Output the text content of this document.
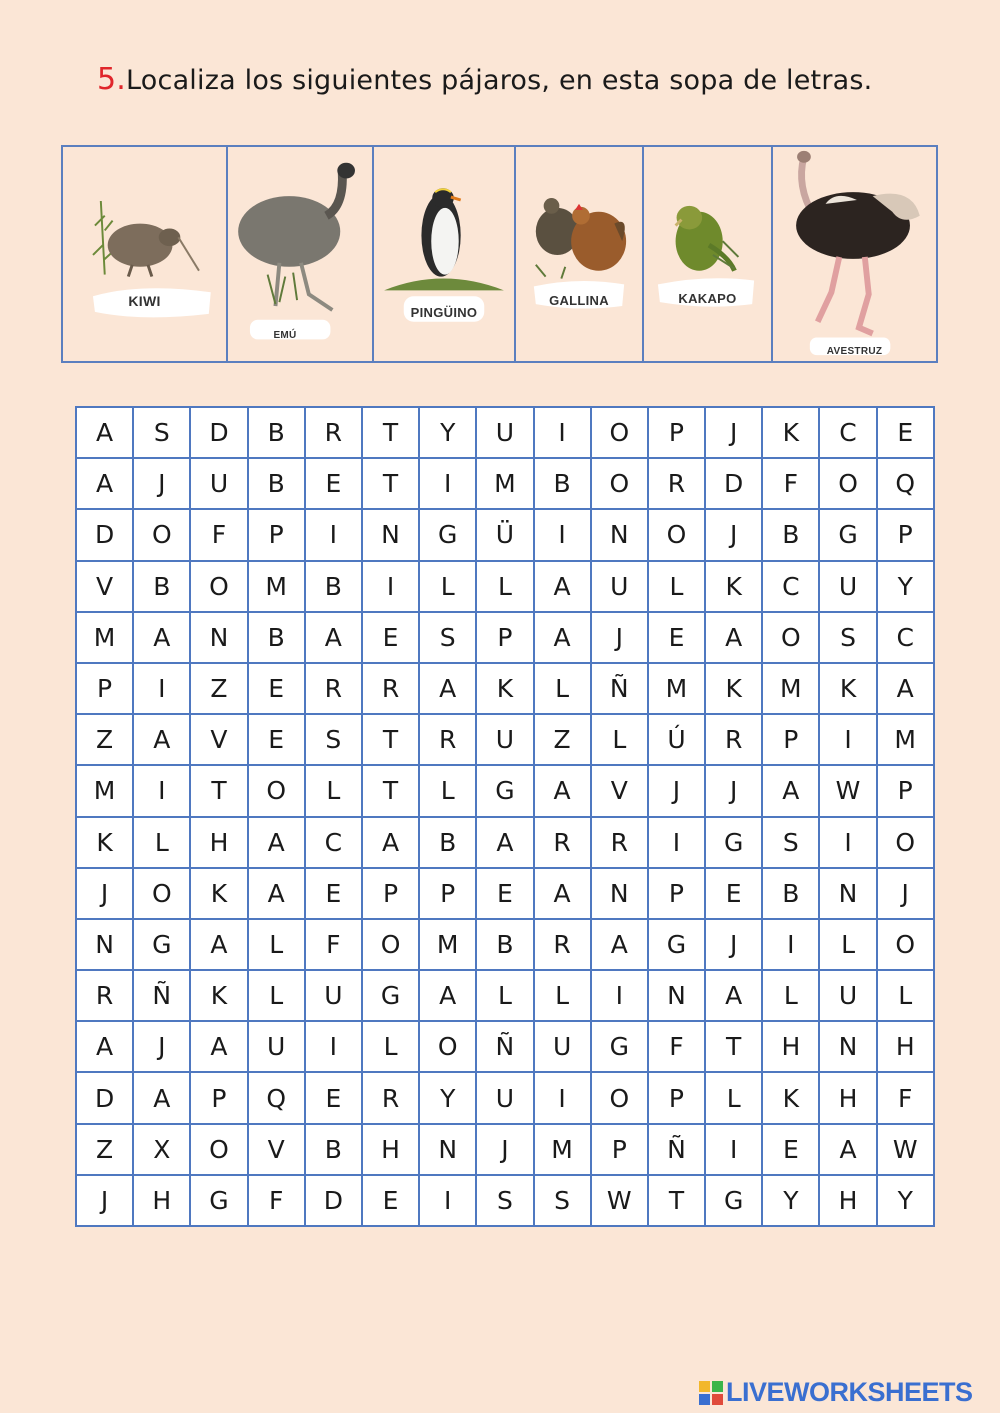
5.Localiza los siguientes pájaros, en esta sopa de letras.
KIWI
EMÚ
PINGÜINO
GALLINA	KAKAPO
AVESTRUZ
A	S	D	B	R	T	Y	U	I	O	P	J	K	C	E
A	J	U	B	E	T	I	M	B	O	R	D	F	O	Q
D	O	F	P	I	N	G	Ü	I	N	O	J	B	G	P
V	B	O	M	B	I	L	L	A	U	L	K	C	U	Y
M	A	N	B	A	E	S	P	A	J	E	A	O	S	C
P	I	Z	E	R	R	A	K	L	Ñ	M	K	M	K	A
Z	A	V	E	S	T	R	U	Z	L	Ú	R	P	I	M
M	I	T	O	L	T	L	G	A	V	J	J	A	W	P
K	L	H	A	C	A	B	A	R	R	I	G	S	I	O
J	O	K	A	E	P	P	E	A	N	P	E	B	N	J
N	G	A	L	F	O	M	B	R	A	G	J	I	L	O
R	Ñ	K	L	U	G	A	L	L	I	N	A	L	U	L
A	J	A	U	I	L	O	Ñ	U	G	F	T	H	N	H
D	A	P	Q	E	R	Y	U	I	O	P	L	K	H	F
Z	X	O	V	B	H	N	J	M	P	Ñ	I	E	A	W
J	H	G	F	D	E	I	S	S	W	T	G	Y	H	Y
LIVEWORKSHEETS
